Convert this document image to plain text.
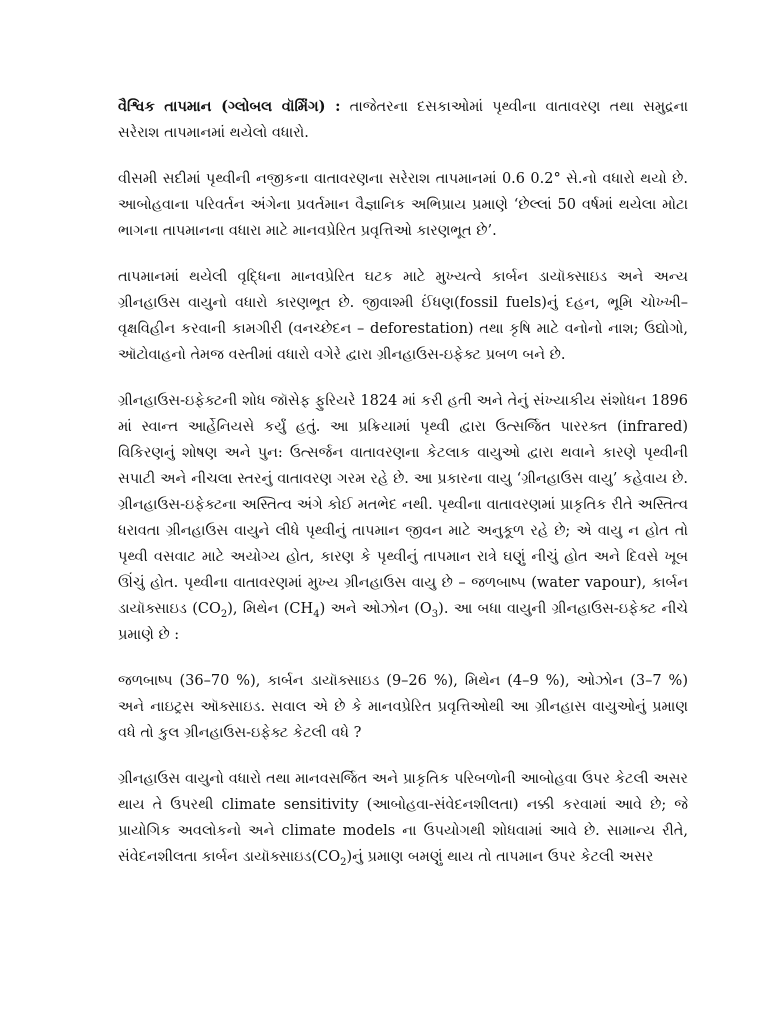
વૈશ્વિક તાપમાન (ગ્લોબલ વૉર્મિંગ) : તાજેતરના દસકાઓમાં પૃથ્વીના વાતાવરણ તથા સમુદ્રના સરેરાશ તાપમાનમાં થયેલો વધારો.

વીસમી સદીમાં પૃથ્વીની નજીકના વાતાવરણના સરેરાશ તાપમાનમાં 0.6 0.2° સે.નો વધારો થયો છે. આબોહવાના પરિવર્તન અંગેના પ્રવર્તમાન વૈજ્ઞાનિક અભિપ્રાય પ્રમાણે ‘છેલ્લાં 50 વર્ષમાં થયેલા મોટા ભાગના તાપમાનના વધારા માટે માનવપ્રેરિત પ્રવૃત્તિઓ કારણભૂત છે’.

તાપમાનમાં થયેલી વૃદ્ધિના માનવપ્રેરિત ઘટક માટે મુખ્યત્વે કાર્બન ડાયૉક્સાઇડ અને અન્ય ગ્રીનહાઉસ વાયુનો વધારો કારણભૂત છે. જીવાશ્મી ઈંધણ(fossil fuels)નું દહન, ભૂમિ ચોખ્ખી–વૃક્ષવિહીન કરવાની કામગીરી (વનચ્છેદન – deforestation) તથા કૃષિ માટે વનોનો નાશ; ઉદ્યોગો, ઑટોવાહનો તેમજ વસ્તીમાં વધારો વગેરે દ્વારા ગ્રીનહાઉસ-ઇફેક્ટ પ્રબળ બને છે.

ગ્રીનહાઉસ-ઇફેક્ટની શોધ જૉસેફ ફુરિયરે 1824 માં કરી હતી અને તેનું સંખ્યાકીય સંશોધન 1896 માં સ્વાન્ત આર્હેનિયસે કર્યું હતું. આ પ્રક્રિયામાં પૃથ્વી દ્વારા ઉત્સર્જિત પારરક્ત (infrared) વિકિરણનું શોષણ અને પુન: ઉત્સર્જન વાતાવરણના કેટલાક વાયુઓ દ્વારા થવાને કારણે પૃથ્વીની સપાટી અને નીચલા સ્તરનું વાતાવરણ ગરમ રહે છે. આ પ્રકારના વાયુ ‘ગ્રીનહાઉસ વાયુ’ કહેવાય છે. ગ્રીનહાઉસ-ઇફેક્ટના અસ્તિત્વ અંગે કોઈ મતભેદ નથી. પૃથ્વીના વાતાવરણમાં પ્રાકૃતિક રીતે અસ્તિત્વ ધરાવતા ગ્રીનહાઉસ વાયુને લીધે પૃથ્વીનું તાપમાન જીવન માટે અનુકૂળ રહે છે; એ વાયુ ન હોત તો પૃથ્વી વસવાટ માટે અયોગ્ય હોત, કારણ કે પૃથ્વીનું તાપમાન રાત્રે ઘણું નીચું હોત અને દિવસે ખૂબ ઊંચું હોત. પૃથ્વીના વાતાવરણમાં મુખ્ય ગ્રીનહાઉસ વાયુ છે – જળબાષ્પ (water vapour), કાર્બન ડાયૉક્સાઇડ $(CO_2)$, મિથેન $(CH_4)$ અને ઓઝોન $(O_3)$. આ બધા વાયુની ગ્રીનહાઉસ-ઇફેક્ટ નીચે પ્રમાણે છે :

જળબાષ્પ (36–70 %), કાર્બન ડાયૉક્સાઇડ (9–26 %), મિથેન (4–9 %), ઓઝોન (3–7 %) અને નાઇટ્રસ ઑક્સાઇડ. સવાલ એ છે કે માનવપ્રેરિત પ્રવૃત્તિઓથી આ ગ્રીનહાસ વાયુઓનું પ્રમાણ વધે તો કુલ ગ્રીનહાઉસ-ઇફેક્ટ કેટલી વધે ?

ગ્રીનહાઉસ વાયુનો વધારો તથા માનવસર્જિત અને પ્રાકૃતિક પરિબળોની આબોહવા ઉપર કેટલી અસર થાય તે ઉપરથી climate sensitivity (આબોહવા-સંવેદનશીલતા) નક્કી કરવામાં આવે છે; જે પ્રાયોગિક અવલોકનો અને climate models ના ઉપયોગથી શોધવામાં આવે છે. સામાન્ય રીતે, સંવેદનશીલતા કાર્બન $ડાયૉક્સાઇડ(CO_2)નું$ પ્રમાણ બમણું થાય તો તાપમાન ઉપર કેટલી અસર
